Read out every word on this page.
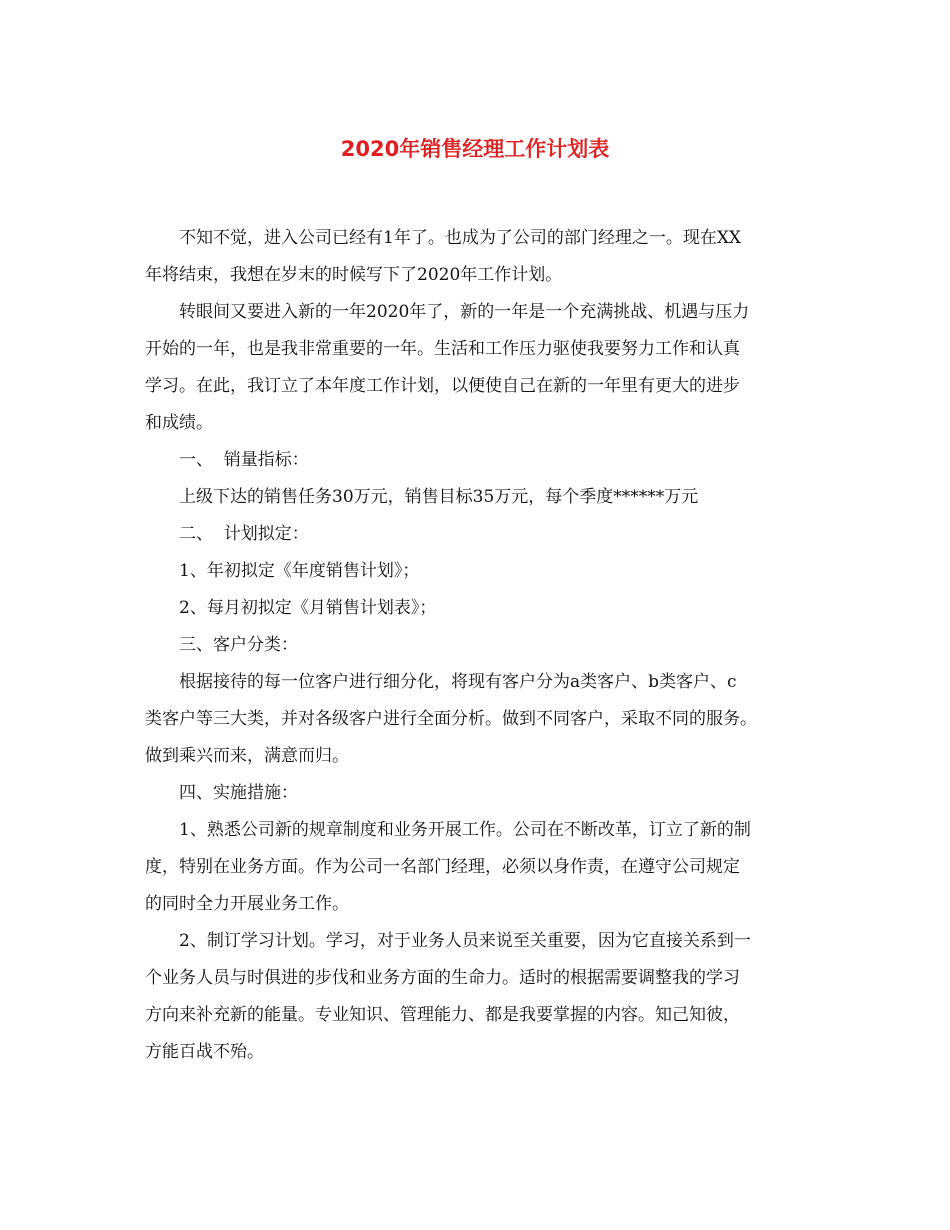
2020年销售经理工作计划表

不知不觉，进入公司已经有1年了。也成为了公司的部门经理之一。现在XX
年将结束，我想在岁末的时候写下了2020年工作计划。

转眼间又要进入新的一年2020年了，新的一年是一个充满挑战、机遇与压力
开始的一年，也是我非常重要的一年。生活和工作压力驱使我要努力工作和认真
学习。在此，我订立了本年度工作计划，以便使自己在新的一年里有更大的进步
和成绩。

一、  销量指标：

上级下达的销售任务30万元，销售目标35万元，每个季度******万元

二、  计划拟定：

1、年初拟定《年度销售计划》；

2、每月初拟定《月销售计划表》；

三、客户分类：

根据接待的每一位客户进行细分化，将现有客户分为a类客户、b类客户、c
类客户等三大类，并对各级客户进行全面分析。做到不同客户，采取不同的服务。
做到乘兴而来，满意而归。

四、实施措施：

1、熟悉公司新的规章制度和业务开展工作。公司在不断改革，订立了新的制
度，特别在业务方面。作为公司一名部门经理，必须以身作责，在遵守公司规定
的同时全力开展业务工作。

2、制订学习计划。学习，对于业务人员来说至关重要，因为它直接关系到一
个业务人员与时俱进的步伐和业务方面的生命力。适时的根据需要调整我的学习
方向来补充新的能量。专业知识、管理能力、都是我要掌握的内容。知己知彼，
方能百战不殆。
